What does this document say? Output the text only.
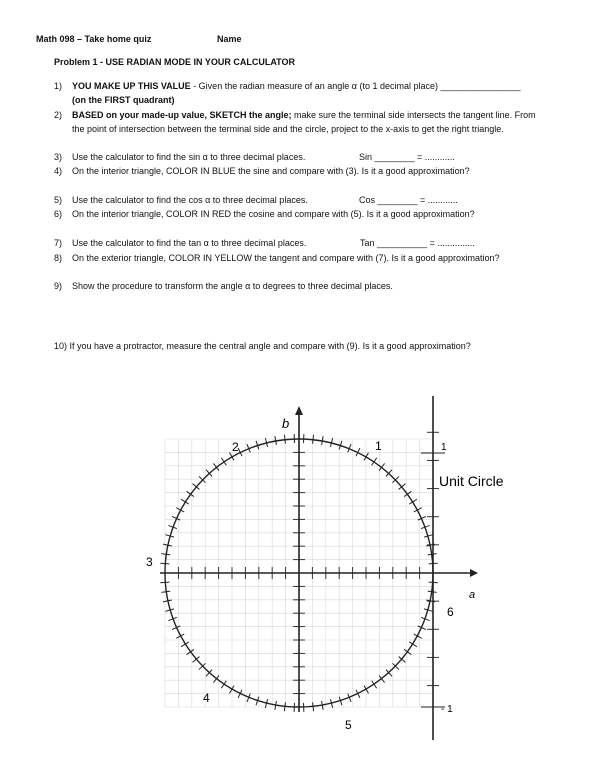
Math 098 – Take home quiz	Name
Problem 1 - USE RADIAN MODE IN YOUR CALCULATOR
1) YOU MAKE UP THIS VALUE - Given the radian measure of an angle α (to 1 decimal place) ________________
(on the FIRST quadrant)
2) BASED on your made-up value, SKETCH the angle; make sure the terminal side intersects the tangent line. From
the point of intersection between the terminal side and the circle, project to the x-axis to get the right triangle.
3) Use the calculator to find the sin α to three decimal places.	Sin ________ = ............
4) On the interior triangle, COLOR IN BLUE the sine and compare with (3). Is it a good approximation?
5) Use the calculator to find the cos α to three decimal places.	Cos ________ = ............
6) On the interior triangle, COLOR IN RED the cosine and compare with (5). Is it a good approximation?
7) Use the calculator to find the tan α to three decimal places.	Tan __________ = ...............
8) On the exterior triangle, COLOR IN YELLOW the tangent and compare with (7). Is it a good approximation?
9) Show the procedure to transform the angle α to degrees to three decimal places.
10) If you have a protractor, measure the central angle and compare with (9). Is it a good approximation?
1
- 1
Unit Circle
b
a
1
2
3
4
5
6
